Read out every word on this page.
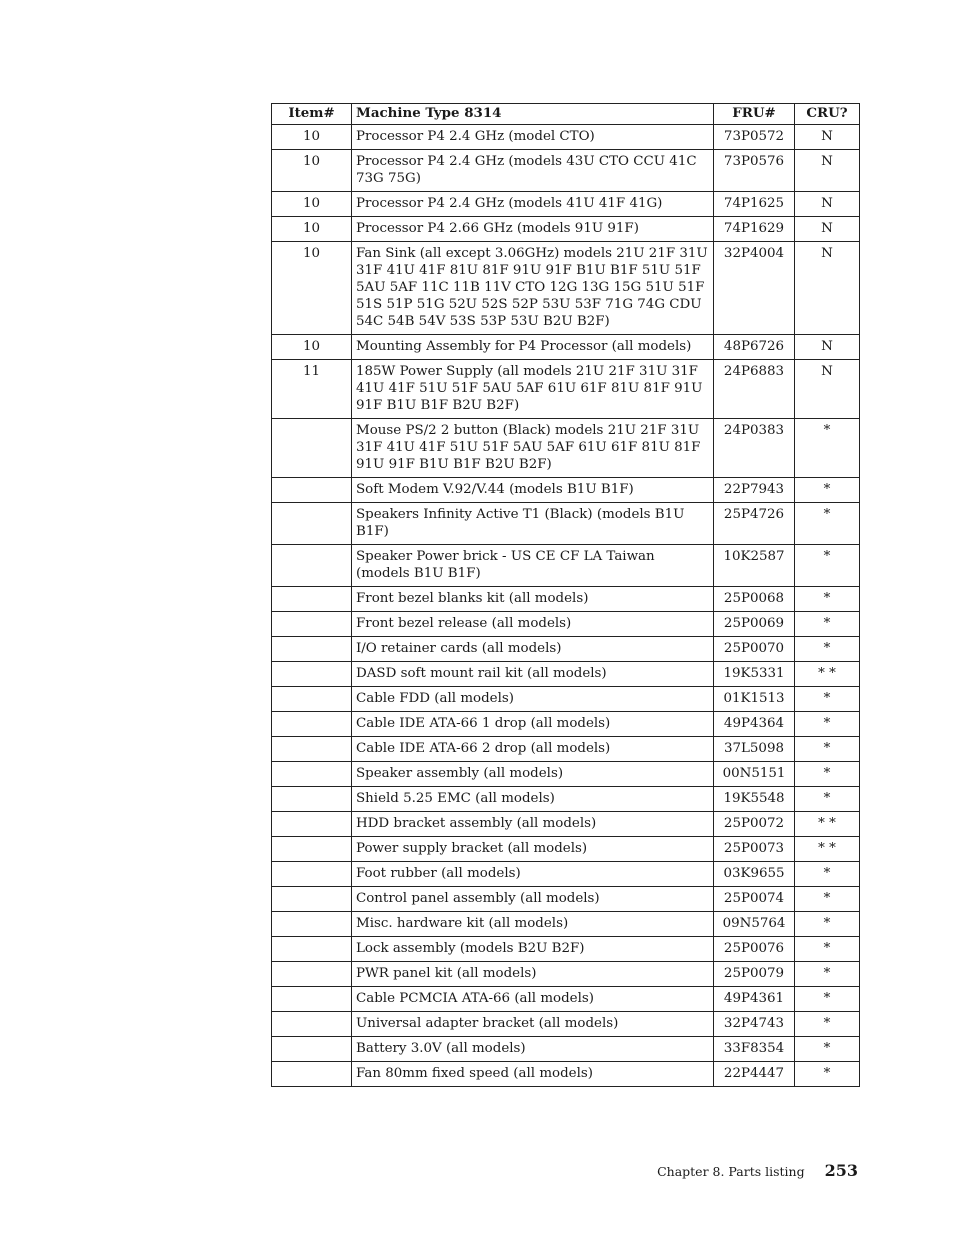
Item#	Machine Type 8314	FRU#	CRU?
10	Processor P4 2.4 GHz (model CTO)	73P0572	N
10	Processor P4 2.4 GHz (models 43U CTO CCU 41C 73G 75G)	73P0576	N
10	Processor P4 2.4 GHz (models 41U 41F 41G)	74P1625	N
10	Processor P4 2.66 GHz (models 91U 91F)	74P1629	N
10	Fan Sink (all except 3.06GHz) models 21U 21F 31U 31F 41U 41F 81U 81F 91U 91F B1U B1F 51U 51F 5AU 5AF 11C 11B 11V CTO 12G 13G 15G 51U 51F 51S 51P 51G 52U 52S 52P 53U 53F 71G 74G CDU 54C 54B 54V 53S 53P 53U B2U B2F)	32P4004	N
10	Mounting Assembly for P4 Processor (all models)	48P6726	N
11	185W Power Supply (all models 21U 21F 31U 31F 41U 41F 51U 51F 5AU 5AF 61U 61F 81U 81F 91U 91F B1U B1F B2U B2F)	24P6883	N
	Mouse PS/2 2 button (Black) models 21U 21F 31U 31F 41U 41F 51U 51F 5AU 5AF 61U 61F 81U 81F 91U 91F B1U B1F B2U B2F)	24P0383	*
	Soft Modem V.92/V.44 (models B1U B1F)	22P7943	*
	Speakers Infinity Active T1 (Black) (models B1U B1F)	25P4726	*
	Speaker Power brick - US CE CF LA Taiwan (models B1U B1F)	10K2587	*
	Front bezel blanks kit (all models)	25P0068	*
	Front bezel release (all models)	25P0069	*
	I/O retainer cards (all models)	25P0070	*
	DASD soft mount rail kit (all models)	19K5331	* *
	Cable FDD (all models)	01K1513	*
	Cable IDE ATA-66 1 drop (all models)	49P4364	*
	Cable IDE ATA-66 2 drop (all models)	37L5098	*
	Speaker assembly (all models)	00N5151	*
	Shield 5.25 EMC (all models)	19K5548	*
	HDD bracket assembly (all models)	25P0072	* *
	Power supply bracket (all models)	25P0073	* *
	Foot rubber (all models)	03K9655	*
	Control panel assembly (all models)	25P0074	*
	Misc. hardware kit (all models)	09N5764	*
	Lock assembly (models B2U B2F)	25P0076	*
	PWR panel kit (all models)	25P0079	*
	Cable PCMCIA ATA-66 (all models)	49P4361	*
	Universal adapter bracket (all models)	32P4743	*
	Battery 3.0V (all models)	33F8354	*
	Fan 80mm fixed speed (all models)	22P4447	*
Chapter 8. Parts listing 253
